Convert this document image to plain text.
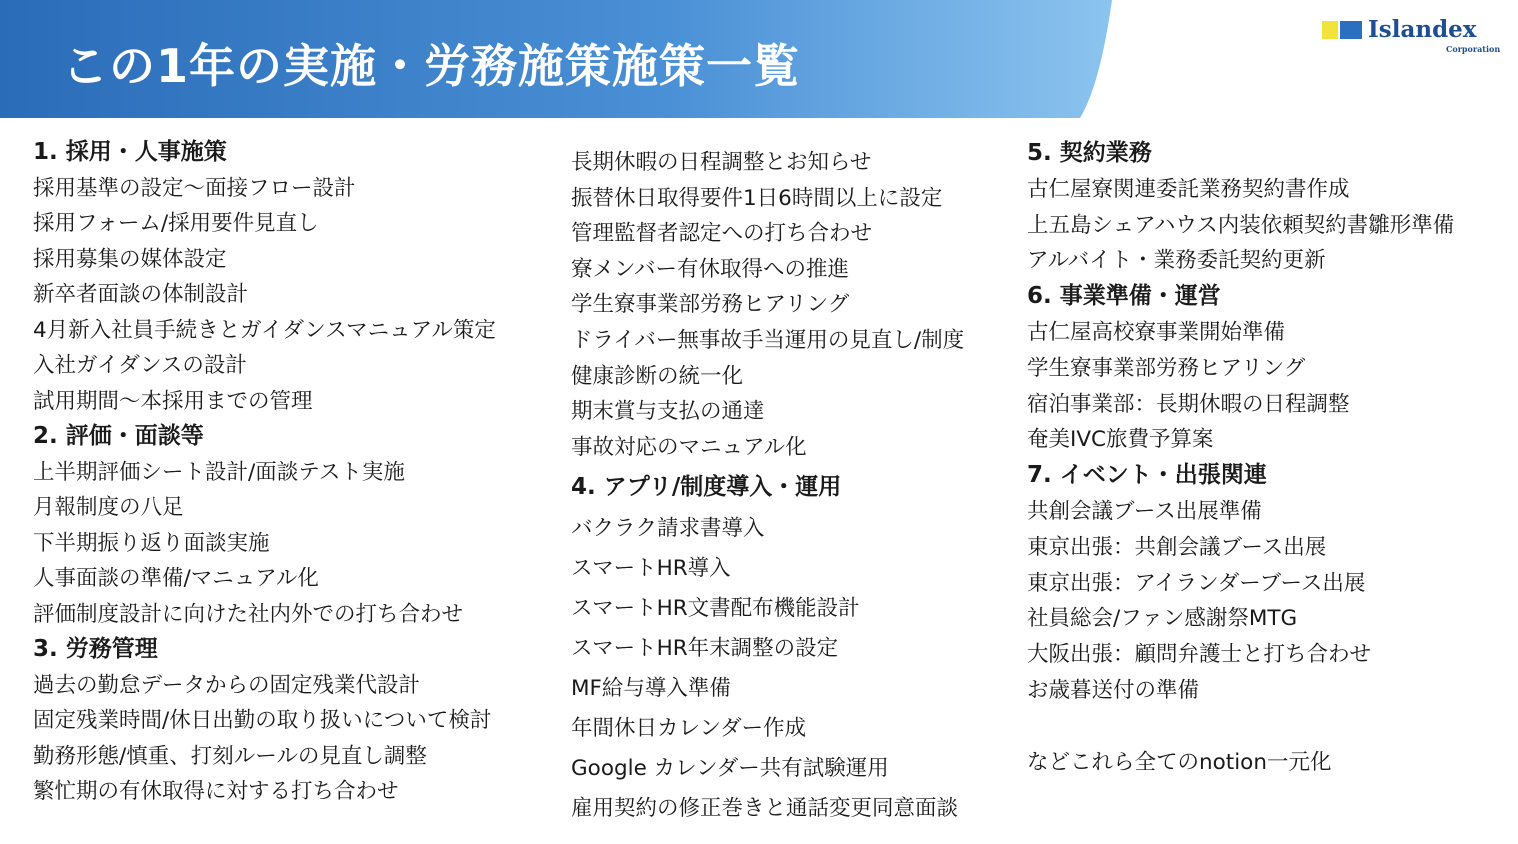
この1年の実施・労務施策施策一覧
Islandex
Corporation
1. 採用・人事施策
採用基準の設定〜面接フロー設計
採用フォーム/採用要件見直し
採用募集の媒体設定
新卒者面談の体制設計
4月新入社員手続きとガイダンスマニュアル策定
入社ガイダンスの設計
試用期間〜本採用までの管理
2. 評価・面談等
上半期評価シート設計/面談テスト実施
月報制度の八足
下半期振り返り面談実施
人事面談の準備/マニュアル化
評価制度設計に向けた社内外での打ち合わせ
3. 労務管理
過去の勤怠データからの固定残業代設計
固定残業時間/休日出勤の取り扱いについて検討
勤務形態/慎重、打刻ルールの見直し調整
繁忙期の有休取得に対する打ち合わせ
長期休暇の日程調整とお知らせ
振替休日取得要件1日6時間以上に設定
管理監督者認定への打ち合わせ
寮メンバー有休取得への推進
学生寮事業部労務ヒアリング
ドライバー無事故手当運用の見直し/制度
健康診断の統一化
期末賞与支払の通達
事故対応のマニュアル化
4. アプリ/制度導入・運用
バクラク請求書導入
スマートHR導入
スマートHR文書配布機能設計
スマートHR年末調整の設定
MF給与導入準備
年間休日カレンダー作成
Google カレンダー共有試験運用
雇用契約の修正巻きと通話変更同意面談
5. 契約業務
古仁屋寮関連委託業務契約書作成
上五島シェアハウス内装依頼契約書雛形準備
アルバイト・業務委託契約更新
6. 事業準備・運営
古仁屋高校寮事業開始準備
学生寮事業部労務ヒアリング
宿泊事業部：長期休暇の日程調整
奄美IVC旅費予算案
7. イベント・出張関連
共創会議ブース出展準備
東京出張：共創会議ブース出展
東京出張：アイランダーブース出展
社員総会/ファン感謝祭MTG
大阪出張：顧問弁護士と打ち合わせ
お歳暮送付の準備
などこれら全てのnotion一元化
